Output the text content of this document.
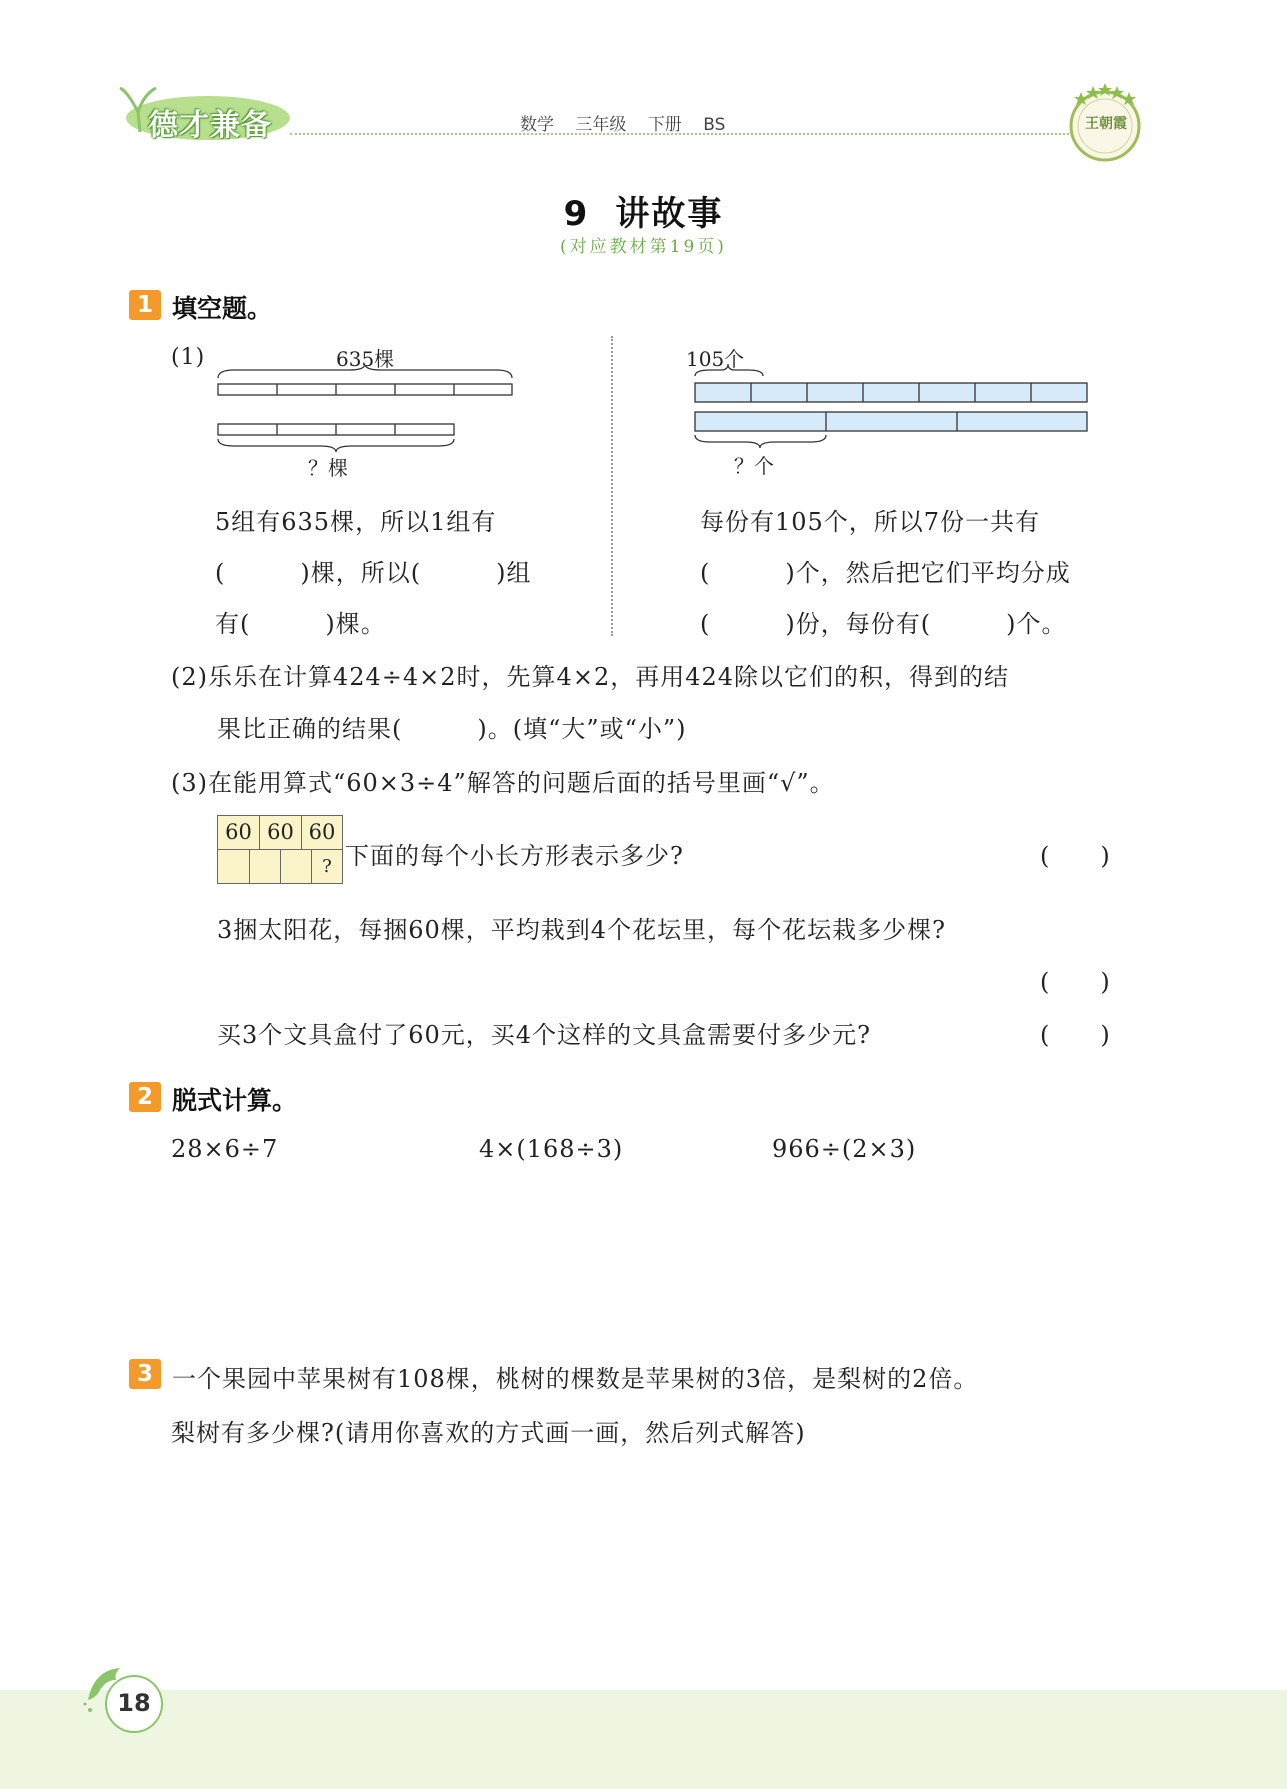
德才兼备	数学 三年级 下册 BS	王朝霞
9 讲故事
(对应教材第19页)
1 填空题。
(1)	635棵
？棵
5组有635棵，所以1组有
(　　　)棵，所以(　　　)组
有(　　　)棵。
105个
？个
每份有105个，所以7份一共有
(　　　)个，然后把它们平均分成
(　　　)份，每份有(　　　)个。
(2)乐乐在计算424÷4×2时，先算4×2，再用424除以它们的积，得到的结
果比正确的结果(　　　)。(填“大”或“小”)
(3)在能用算式“60×3÷4”解答的问题后面的括号里画“√”。
60 60 60
? 下面的每个小长方形表示多少?	(　　)
3捆太阳花，每捆60棵，平均栽到4个花坛里，每个花坛栽多少棵?
(　　)
买3个文具盒付了60元，买4个这样的文具盒需要付多少元?	(　　)
2 脱式计算。
28×6÷7	4×(168÷3)	966÷(2×3)
3 一个果园中苹果树有108棵，桃树的棵数是苹果树的3倍，是梨树的2倍。
梨树有多少棵?(请用你喜欢的方式画一画，然后列式解答)
18
